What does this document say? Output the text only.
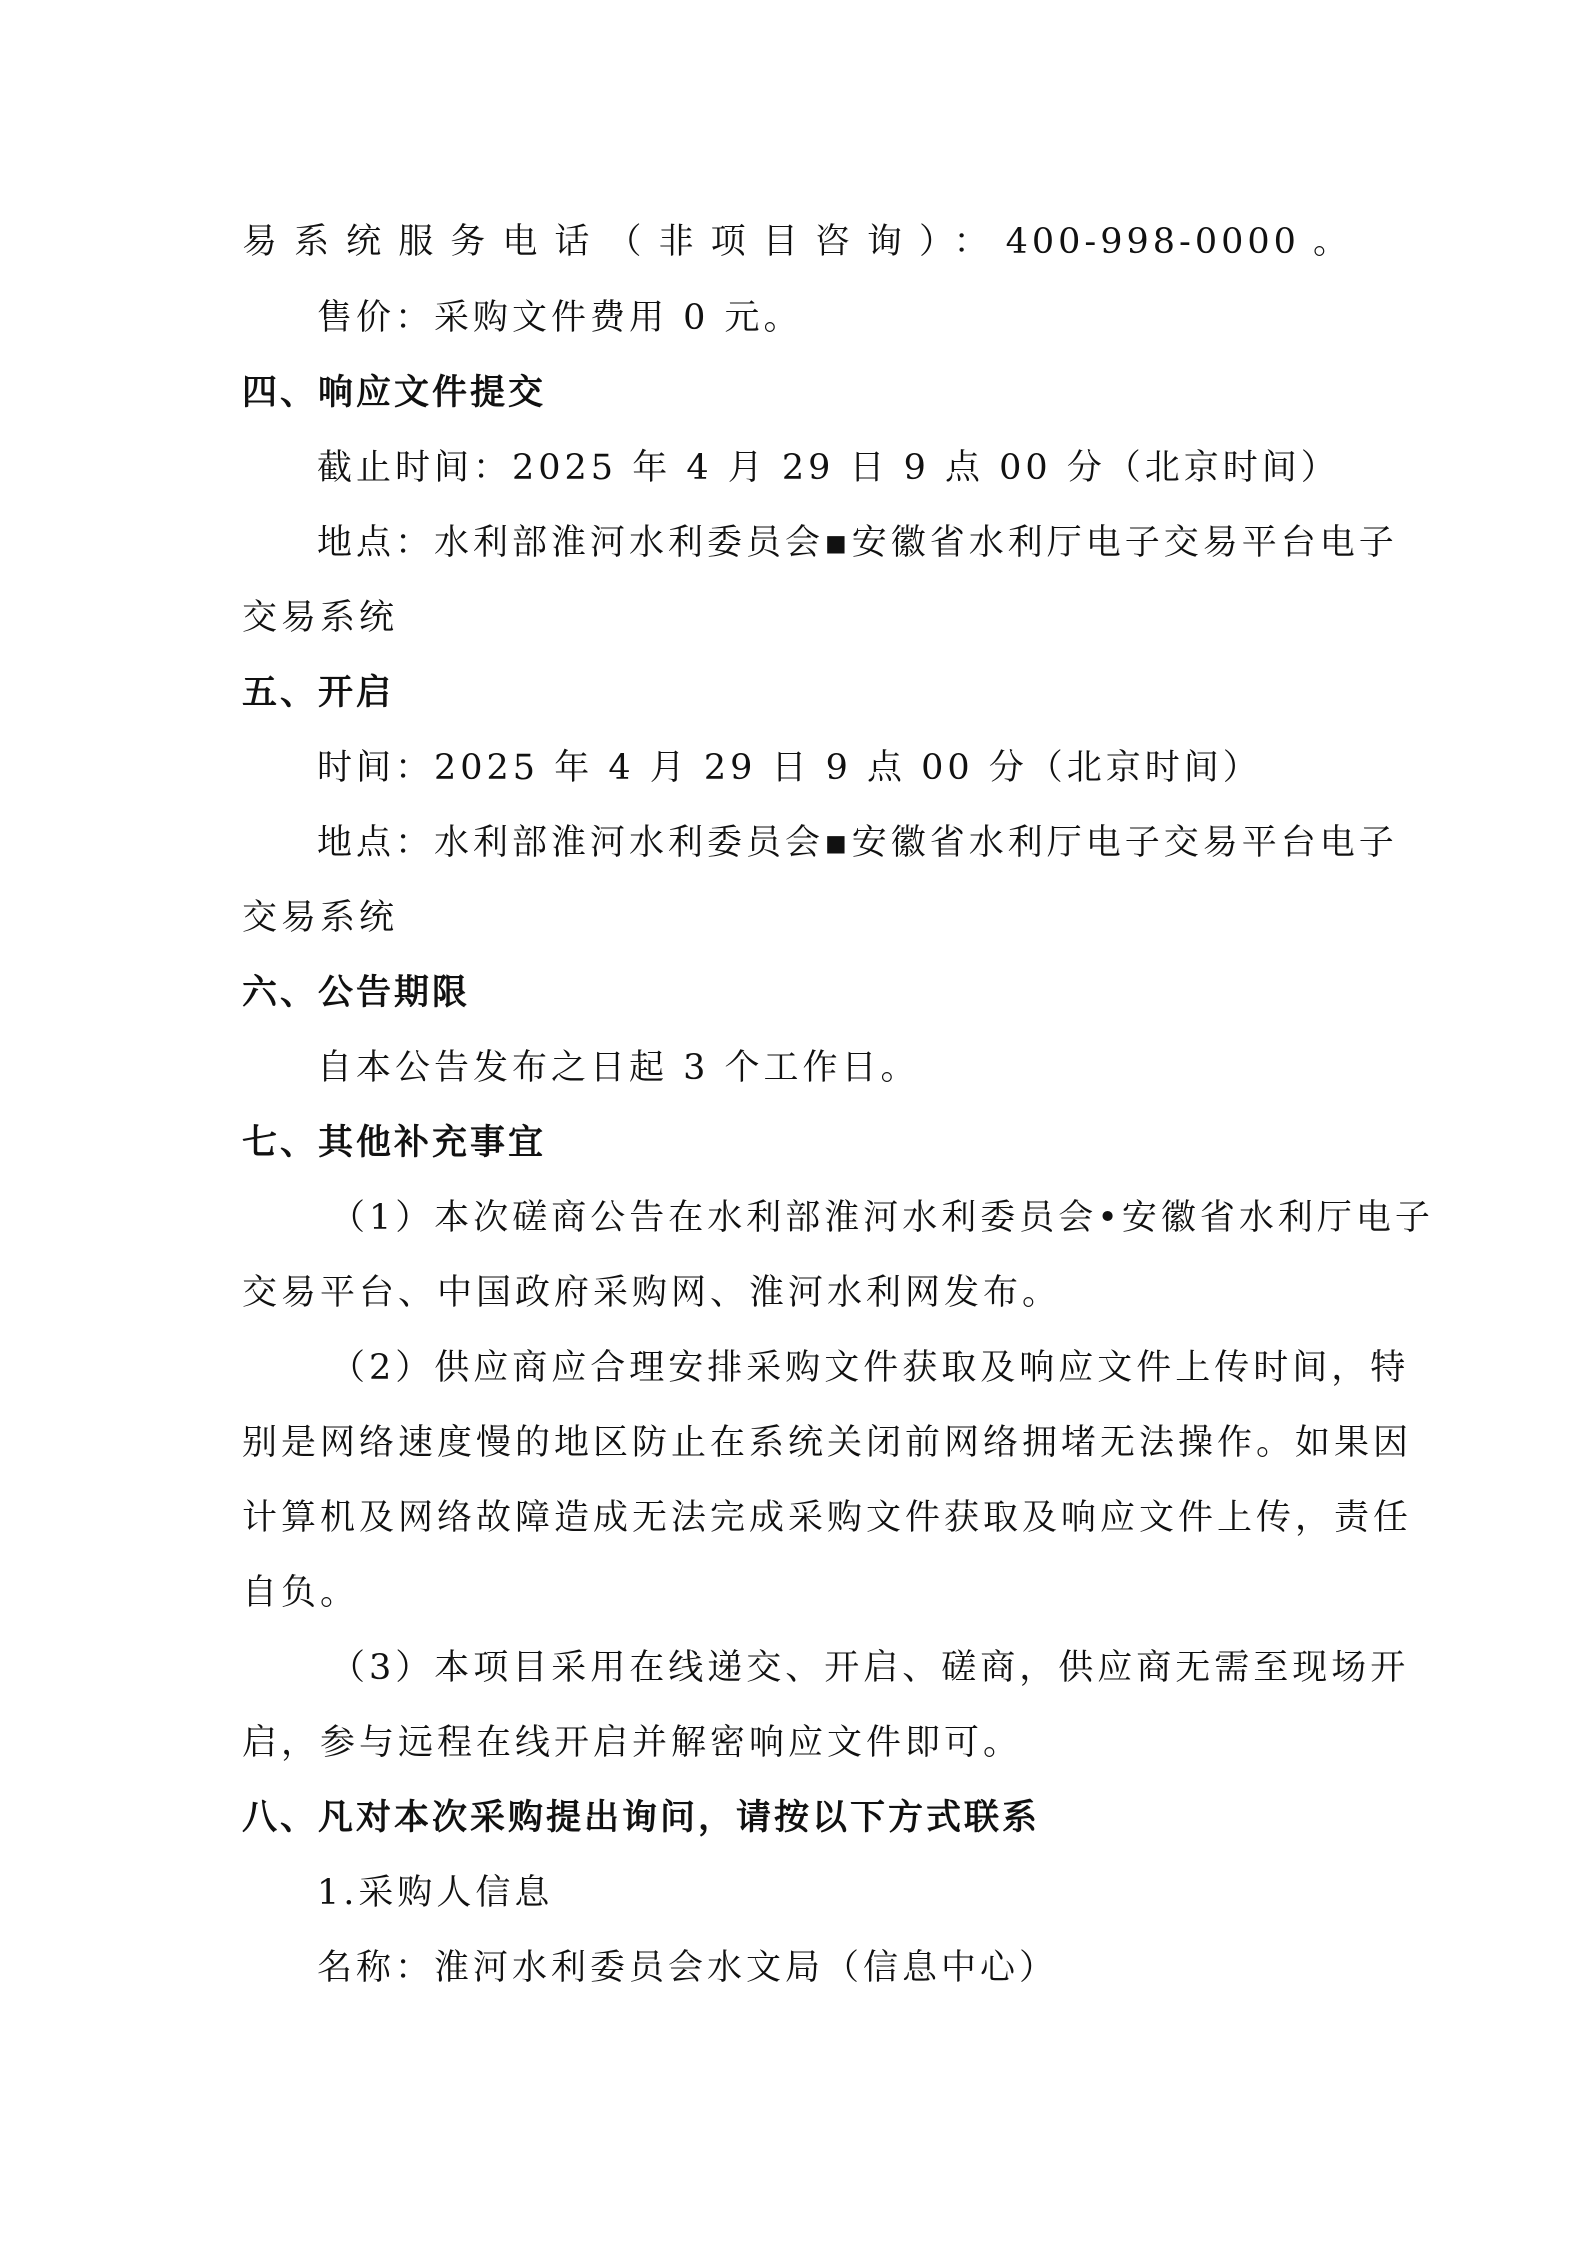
易系统服务电话（非项目咨询）：400-998-0000。
售价：采购文件费用 0 元。
四、响应文件提交
截止时间：2025 年 4 月 29 日 9 点 00 分（北京时间）
地点：水利部淮河水利委员会▪安徽省水利厅电子交易平台电子
交易系统
五、开启
时间：2025 年 4 月 29 日 9 点 00 分（北京时间）
地点：水利部淮河水利委员会▪安徽省水利厅电子交易平台电子
交易系统
六、公告期限
自本公告发布之日起 3 个工作日。
七、其他补充事宜
（1）本次磋商公告在水利部淮河水利委员会•安徽省水利厅电子
交易平台、中国政府采购网、淮河水利网发布。
（2）供应商应合理安排采购文件获取及响应文件上传时间，特
别是网络速度慢的地区防止在系统关闭前网络拥堵无法操作。如果因
计算机及网络故障造成无法完成采购文件获取及响应文件上传，责任
自负。
（3）本项目采用在线递交、开启、磋商，供应商无需至现场开
启，参与远程在线开启并解密响应文件即可。
八、凡对本次采购提出询问，请按以下方式联系
1.采购人信息
名称：淮河水利委员会水文局（信息中心）
